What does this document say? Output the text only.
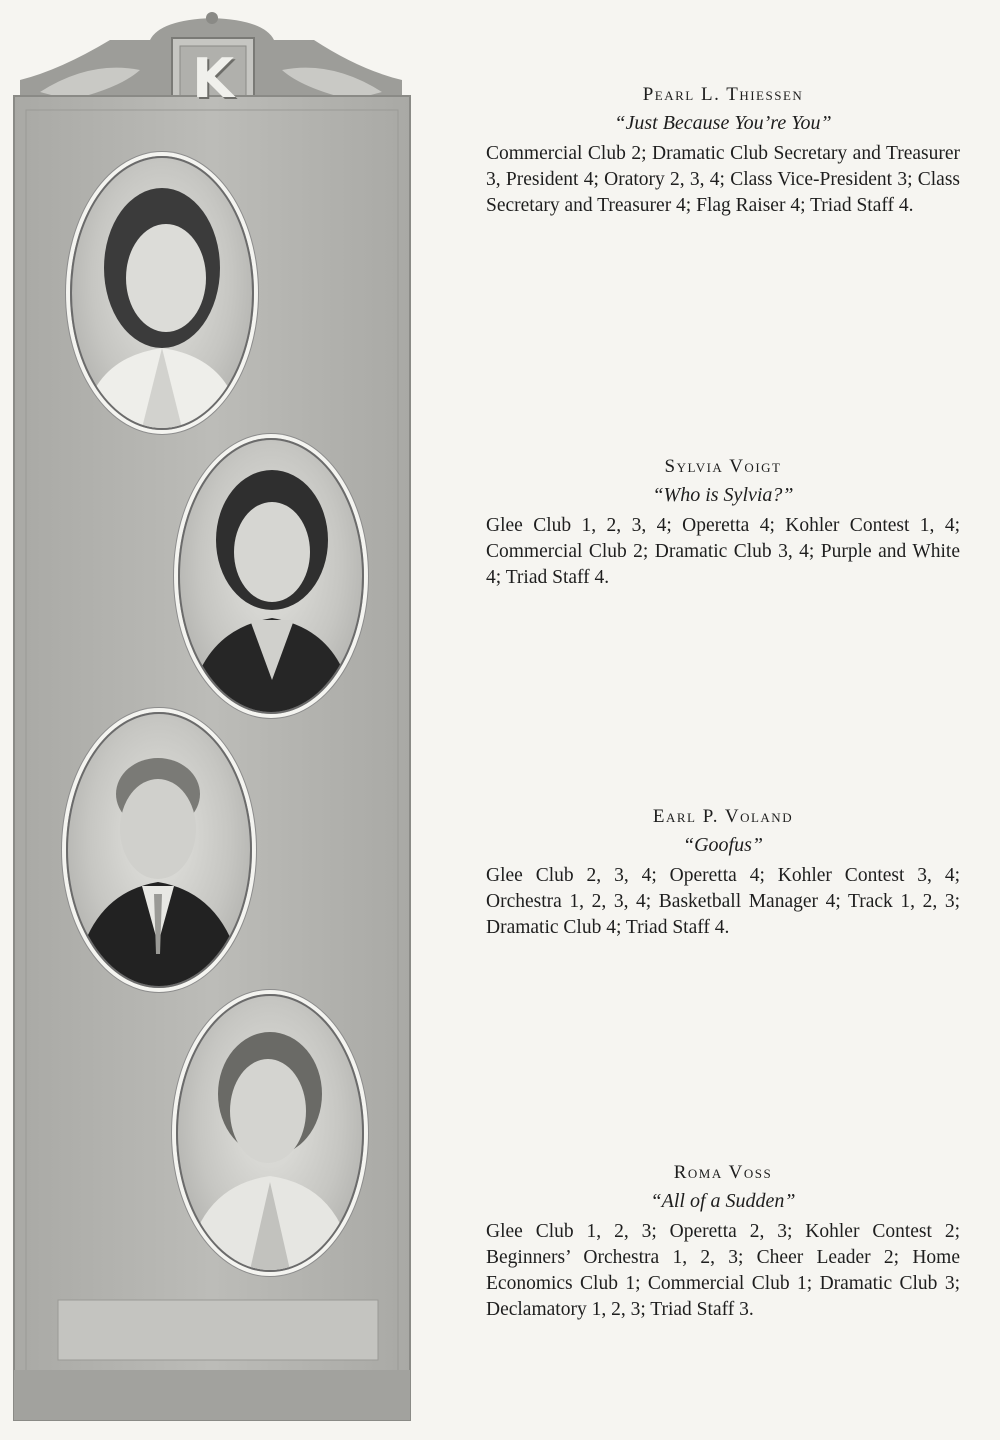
K	Pearl L. Thiessen

“Just Because You’re You”

Commercial Club 2; Dramatic Club Secretary and Treasurer 3, President 4; Oratory 2, 3, 4; Class Vice-President 3; Class Secretary and Treasurer 4; Flag Raiser 4; Triad Staff 4.

Sylvia Voigt

“Who is Sylvia?”

Glee Club 1, 2, 3, 4; Operetta 4; Kohler Contest 1, 4; Commercial Club 2; Dramatic Club 3, 4; Purple and White 4; Triad Staff 4.

Earl P. Voland

“Goofus”

Glee Club 2, 3, 4; Operetta 4; Kohler Contest 3, 4; Orchestra 1, 2, 3, 4; Basketball Manager 4; Track 1, 2, 3; Dramatic Club 4; Triad Staff 4.

Roma Voss

“All of a Sudden”

Glee Club 1, 2, 3; Operetta 2, 3; Kohler Contest 2; Beginners’ Orchestra 1, 2, 3; Cheer Leader 2; Home Economics Club 1; Commercial Club 1; Dramatic Club 3; Declamatory 1, 2, 3; Triad Staff 3.
